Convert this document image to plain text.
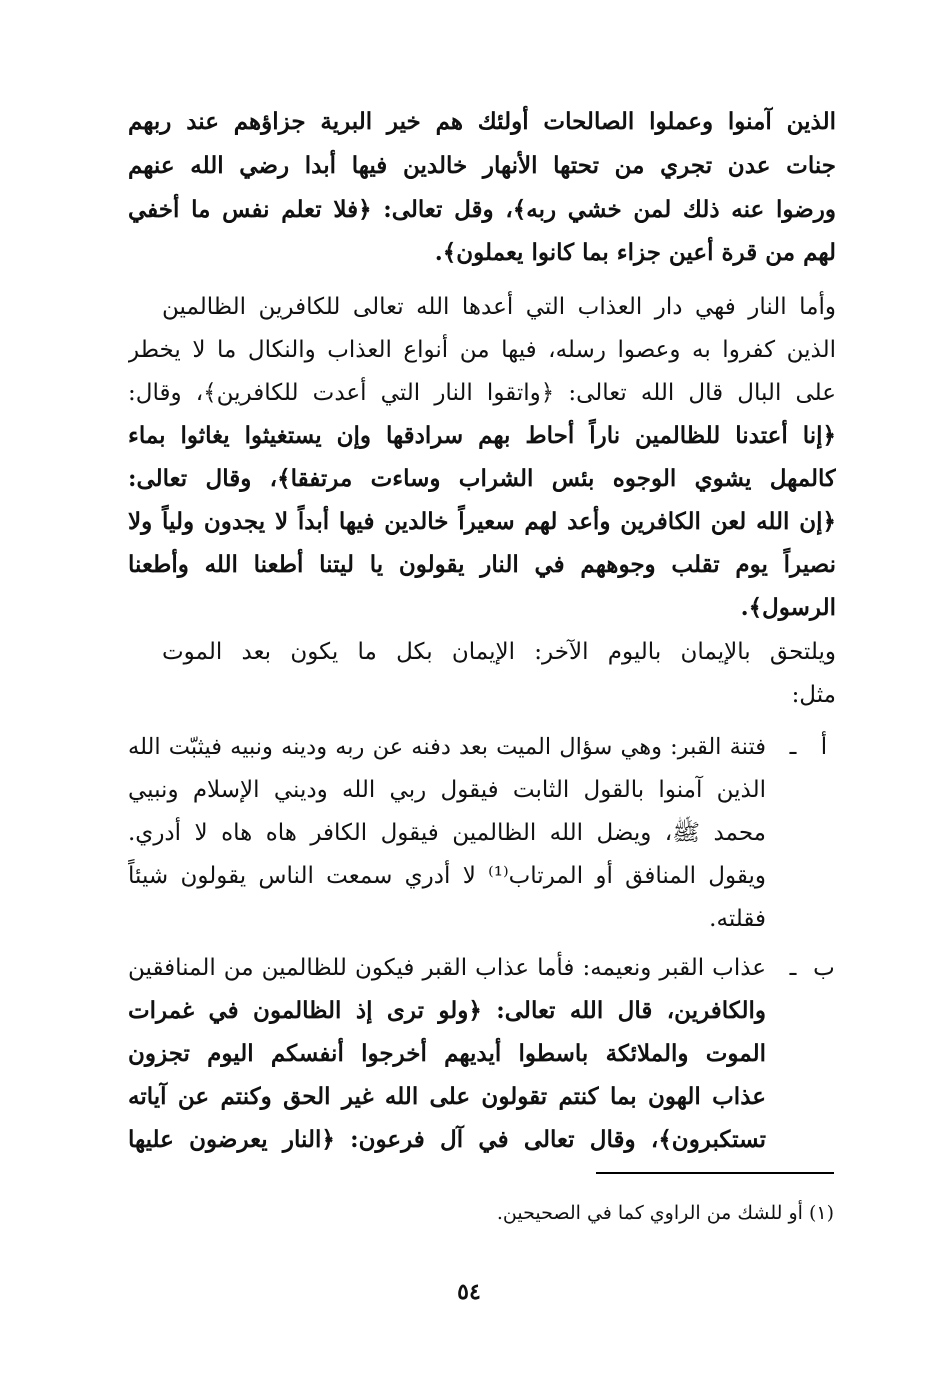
الذين آمنوا وعملوا الصالحات أولئك هم خير البرية جزاؤهم عند ربهم
جنات عدن تجري من تحتها الأنهار خالدين فيها أبدا رضي الله عنهم
ورضوا عنه ذلك لمن خشي ربه﴾، وقل تعالى: ﴿فلا تعلم نفس ما أخفي
لهم من قرة أعين جزاء بما كانوا يعملون﴾.
وأما النار فهي دار العذاب التي أعدها الله تعالى للكافرين الظالمين
الذين كفروا به وعصوا رسله، فيها من أنواع العذاب والنكال ما لا يخطر
على البال قال الله تعالى: ﴿واتقوا النار التي أعدت للكافرين﴾، وقال:
﴿إنا أعتدنا للظالمين ناراً أحاط بهم سرادقها وإن يستغيثوا يغاثوا بماء
كالمهل يشوي الوجوه بئس الشراب وساءت مرتفقا﴾، وقال تعالى:
﴿إن الله لعن الكافرين وأعد لهم سعيراً خالدين فيها أبداً لا يجدون ولياً ولا
نصيراً يوم تقلب وجوههم في النار يقولون يا ليتنا أطعنا الله وأطعنا
الرسول﴾.
ويلتحق بالإيمان باليوم الآخر: الإيمان بكل ما يكون بعد الموت
مثل:
أ
ـ
فتنة القبر: وهي سؤال الميت بعد دفنه عن ربه ودينه ونبيه فيثبّت الله
الذين آمنوا بالقول الثابت فيقول ربي الله وديني الإسلام ونبيي
محمد ﷺ، ويضل الله الظالمين فيقول الكافر هاه هاه لا أدري.
ويقول المنافق أو المرتاب⁽¹⁾ لا أدري سمعت الناس يقولون شيئاً
فقلته.
ب
ـ
عذاب القبر ونعيمه: فأما عذاب القبر فيكون للظالمين من المنافقين
والكافرين، قال الله تعالى: ﴿ولو ترى إذ الظالمون في غمرات
الموت والملائكة باسطوا أيديهم أخرجوا أنفسكم اليوم تجزون
عذاب الهون بما كنتم تقولون على الله غير الحق وكنتم عن آياته
تستكبرون﴾، وقال تعالى في آل فرعون: ﴿النار يعرضون عليها
(١) أو للشك من الراوي كما في الصحيحين.
٥٤
